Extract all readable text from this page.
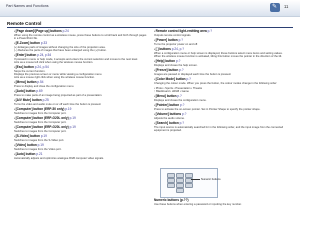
Part Names and Functions	✎ 11
Remote Control
•[Page down]/[Page up] buttons p.24
When using the remote control as a wireless mouse, press these buttons to scroll back and forth through pages in a PowerPoint file.
•[E-Zoom] button p.33
(+) Enlarges parts of images without changing the size of the projection area.
(−) Reduces the parts of images that have been enlarged using the (+) button.
•[Enter] button p.24, p.54
If pressed in menu or help mode, it accepts and enters the current selection and moves to the next level.
Acts as a mouse left click when using the wireless mouse function.
•[Esc] button p.24, p.54
Stops the current function.
Displays the previous screen or menu while viewing a configuration menu.
Acts as a mouse right click when using the wireless mouse function.
•[Menu] button p.54
Press to display and close the configuration menu.
•[Auto] button p.69
Press to make parts of an image being projected as part of a presentation.
•[A/V Mute] button p.25
Turns the video and audio mute on or off each time the button is pressed.
•[Computer] button (ERP-50 only) p.19
Switches to images from the Computer port.
•[Computer] button (ERP-G20L only) p.19
Switches to images from the Computer port.
•[Computer] button (ERP-G20L only) p.19
Switches to images from the Computer port.
•[S-Video] button p.19
Switches to images from the S-Video port.
•[Video] button p.19
Switches to images from the Video port.
•[Auto] button p.21
Automatically adjusts and optimizes analogue RGB computer video signals.
•Remote control light-emitting area p.?
Outputs remote control signals.
•[Power] button p.?
Turns the projector power on and off.
•[ ] buttons p.24, p.?
When a configuration menu or help screen is displayed, these buttons select menu items and setting values.
When the wireless mouse function is activated, tilting this button moves the pointer in the direction of the tilt.
•[Help] button p.?
Displays and closes the help screen.
•[Freeze] button p.?
Images are paused or displayed each time the button is pressed.
•[Color Mode] button p.?
Changing the colour mode. When you press the button, the colour modes change in the following order:
• Photo • Sports • Presentation • Theatre
↑ Blackboard • sRGB • Game
•[Menu] button p.?
Displays and closes the configuration menu.
•[Pointer] button p.?
Press to activate the on-screen pointer. Set in Pointer Shape to specify the pointer shape.
•[Volume] buttons p.?
Adjusts the audio volume.
•[Search] button p.?
The input source is automatically searched for in the following order, and the input image from the connected equipment is projected.
Numeric buttons
Numeric buttons (p.??)
Use these buttons when entering a password or inputting the key number.
